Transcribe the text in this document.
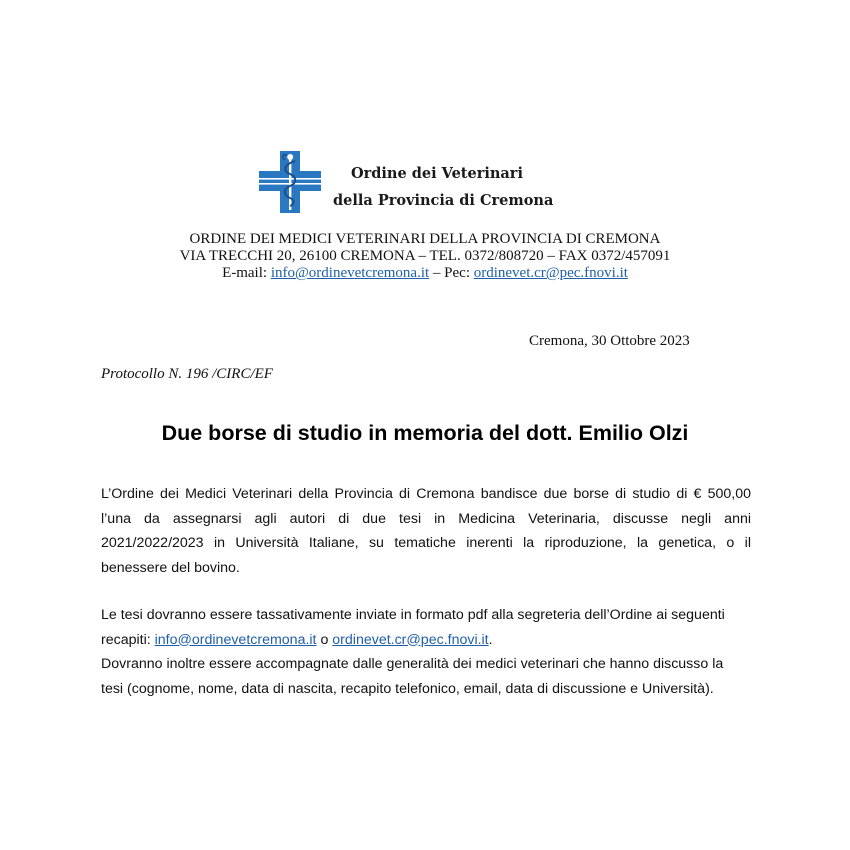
Ordine dei Veterinari
della Provincia di Cremona
ORDINE DEI MEDICI VETERINARI DELLA PROVINCIA DI CREMONA
VIA TRECCHI 20, 26100 CREMONA – TEL. 0372/808720 – FAX 0372/457091
E-mail: info@ordinevetcremona.it – Pec: ordinevet.cr@pec.fnovi.it
Cremona, 30 Ottobre 2023
Protocollo N. 196 /CIRC/EF
Due borse di studio in memoria del dott. Emilio Olzi
L’Ordine dei Medici Veterinari della Provincia di Cremona bandisce due borse di studio di € 500,00
l’una da assegnarsi agli autori di due tesi in Medicina Veterinaria, discusse negli anni
2021/2022/2023 in Università Italiane, su tematiche inerenti la riproduzione, la genetica, o il
benessere del bovino.
Le tesi dovranno essere tassativamente inviate in formato pdf alla segreteria dell’Ordine ai seguenti
recapiti: info@ordinevetcremona.it o ordinevet.cr@pec.fnovi.it.
Dovranno inoltre essere accompagnate dalle generalità dei medici veterinari che hanno discusso la
tesi (cognome, nome, data di nascita, recapito telefonico, email, data di discussione e Università).
